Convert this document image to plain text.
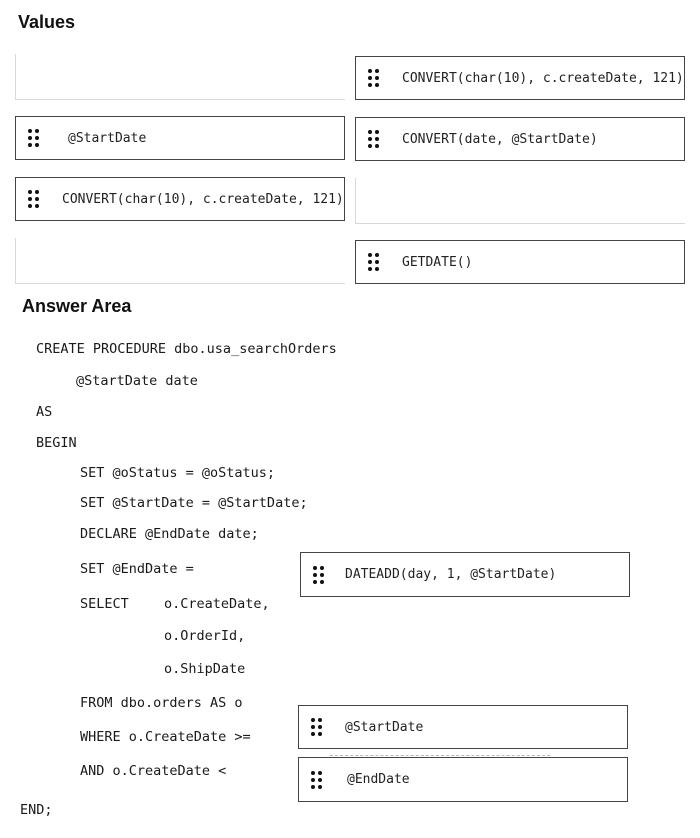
Values
CONVERT(char(10), c.createDate, 121)
@StartDate	CONVERT(date, @StartDate)
CONVERT(char(10), c.createDate, 121)
GETDATE()
Answer Area
CREATE PROCEDURE dbo.usa_searchOrders
@StartDate date
AS
BEGIN
SET @oStatus = @oStatus;
SET @StartDate = @StartDate;
DECLARE @EndDate date;
SET @EndDate =
SELECT	o.CreateDate,
o.OrderId,
o.ShipDate
FROM dbo.orders AS o
WHERE o.CreateDate >=
AND o.CreateDate <
END;
DATEADD(day, 1, @StartDate)
@StartDate
@EndDate
